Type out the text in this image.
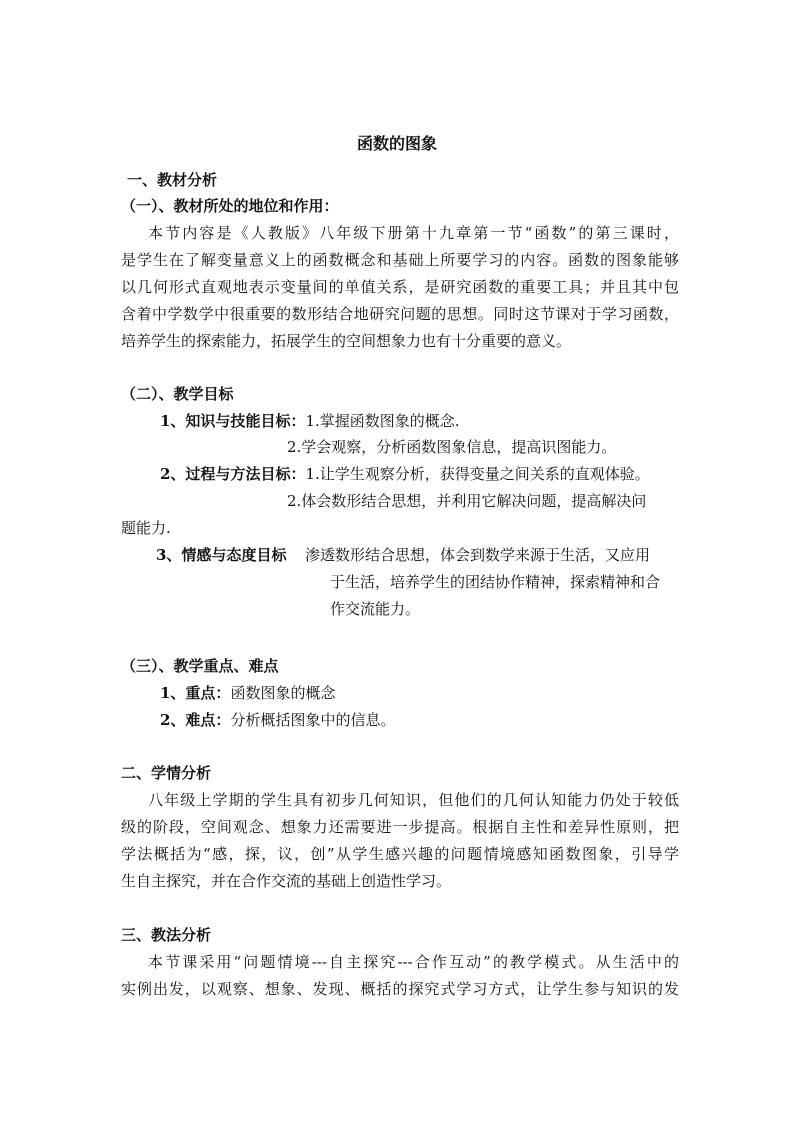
函数的图象
一、教材分析
（一）、教材所处的地位和作用：
本节内容是《人教版》八年级下册第十九章第一节“函数”的第三课时，
是学生在了解变量意义上的函数概念和基础上所要学习的内容。函数的图象能够
以几何形式直观地表示变量间的单值关系，是研究函数的重要工具；并且其中包
含着中学数学中很重要的数形结合地研究问题的思想。同时这节课对于学习函数，
培养学生的探索能力，拓展学生的空间想象力也有十分重要的意义。
（二）、教学目标
1、知识与技能目标：1.掌握函数图象的概念.
2.学会观察，分析函数图象信息，提高识图能力。
2、过程与方法目标：1.让学生观察分析，获得变量之间关系的直观体验。
2.体会数形结合思想，并利用它解决问题，提高解决问
题能力.
3、情感与态度目标 渗透数形结合思想，体会到数学来源于生活，又应用
于生活，培养学生的团结协作精神，探索精神和合
作交流能力。
（三）、教学重点、难点
1、重点：函数图象的概念
2、难点：分析概括图象中的信息。
二、学情分析
八年级上学期的学生具有初步几何知识，但他们的几何认知能力仍处于较低
级的阶段，空间观念、想象力还需要进一步提高。根据自主性和差异性原则，把
学法概括为“感，探，议，创”从学生感兴趣的问题情境感知函数图象，引导学
生自主探究，并在合作交流的基础上创造性学习。
三、教法分析
本节课采用“问题情境---自主探究---合作互动”的教学模式。从生活中的
实例出发，以观察、想象、发现、概括的探究式学习方式，让学生参与知识的发
